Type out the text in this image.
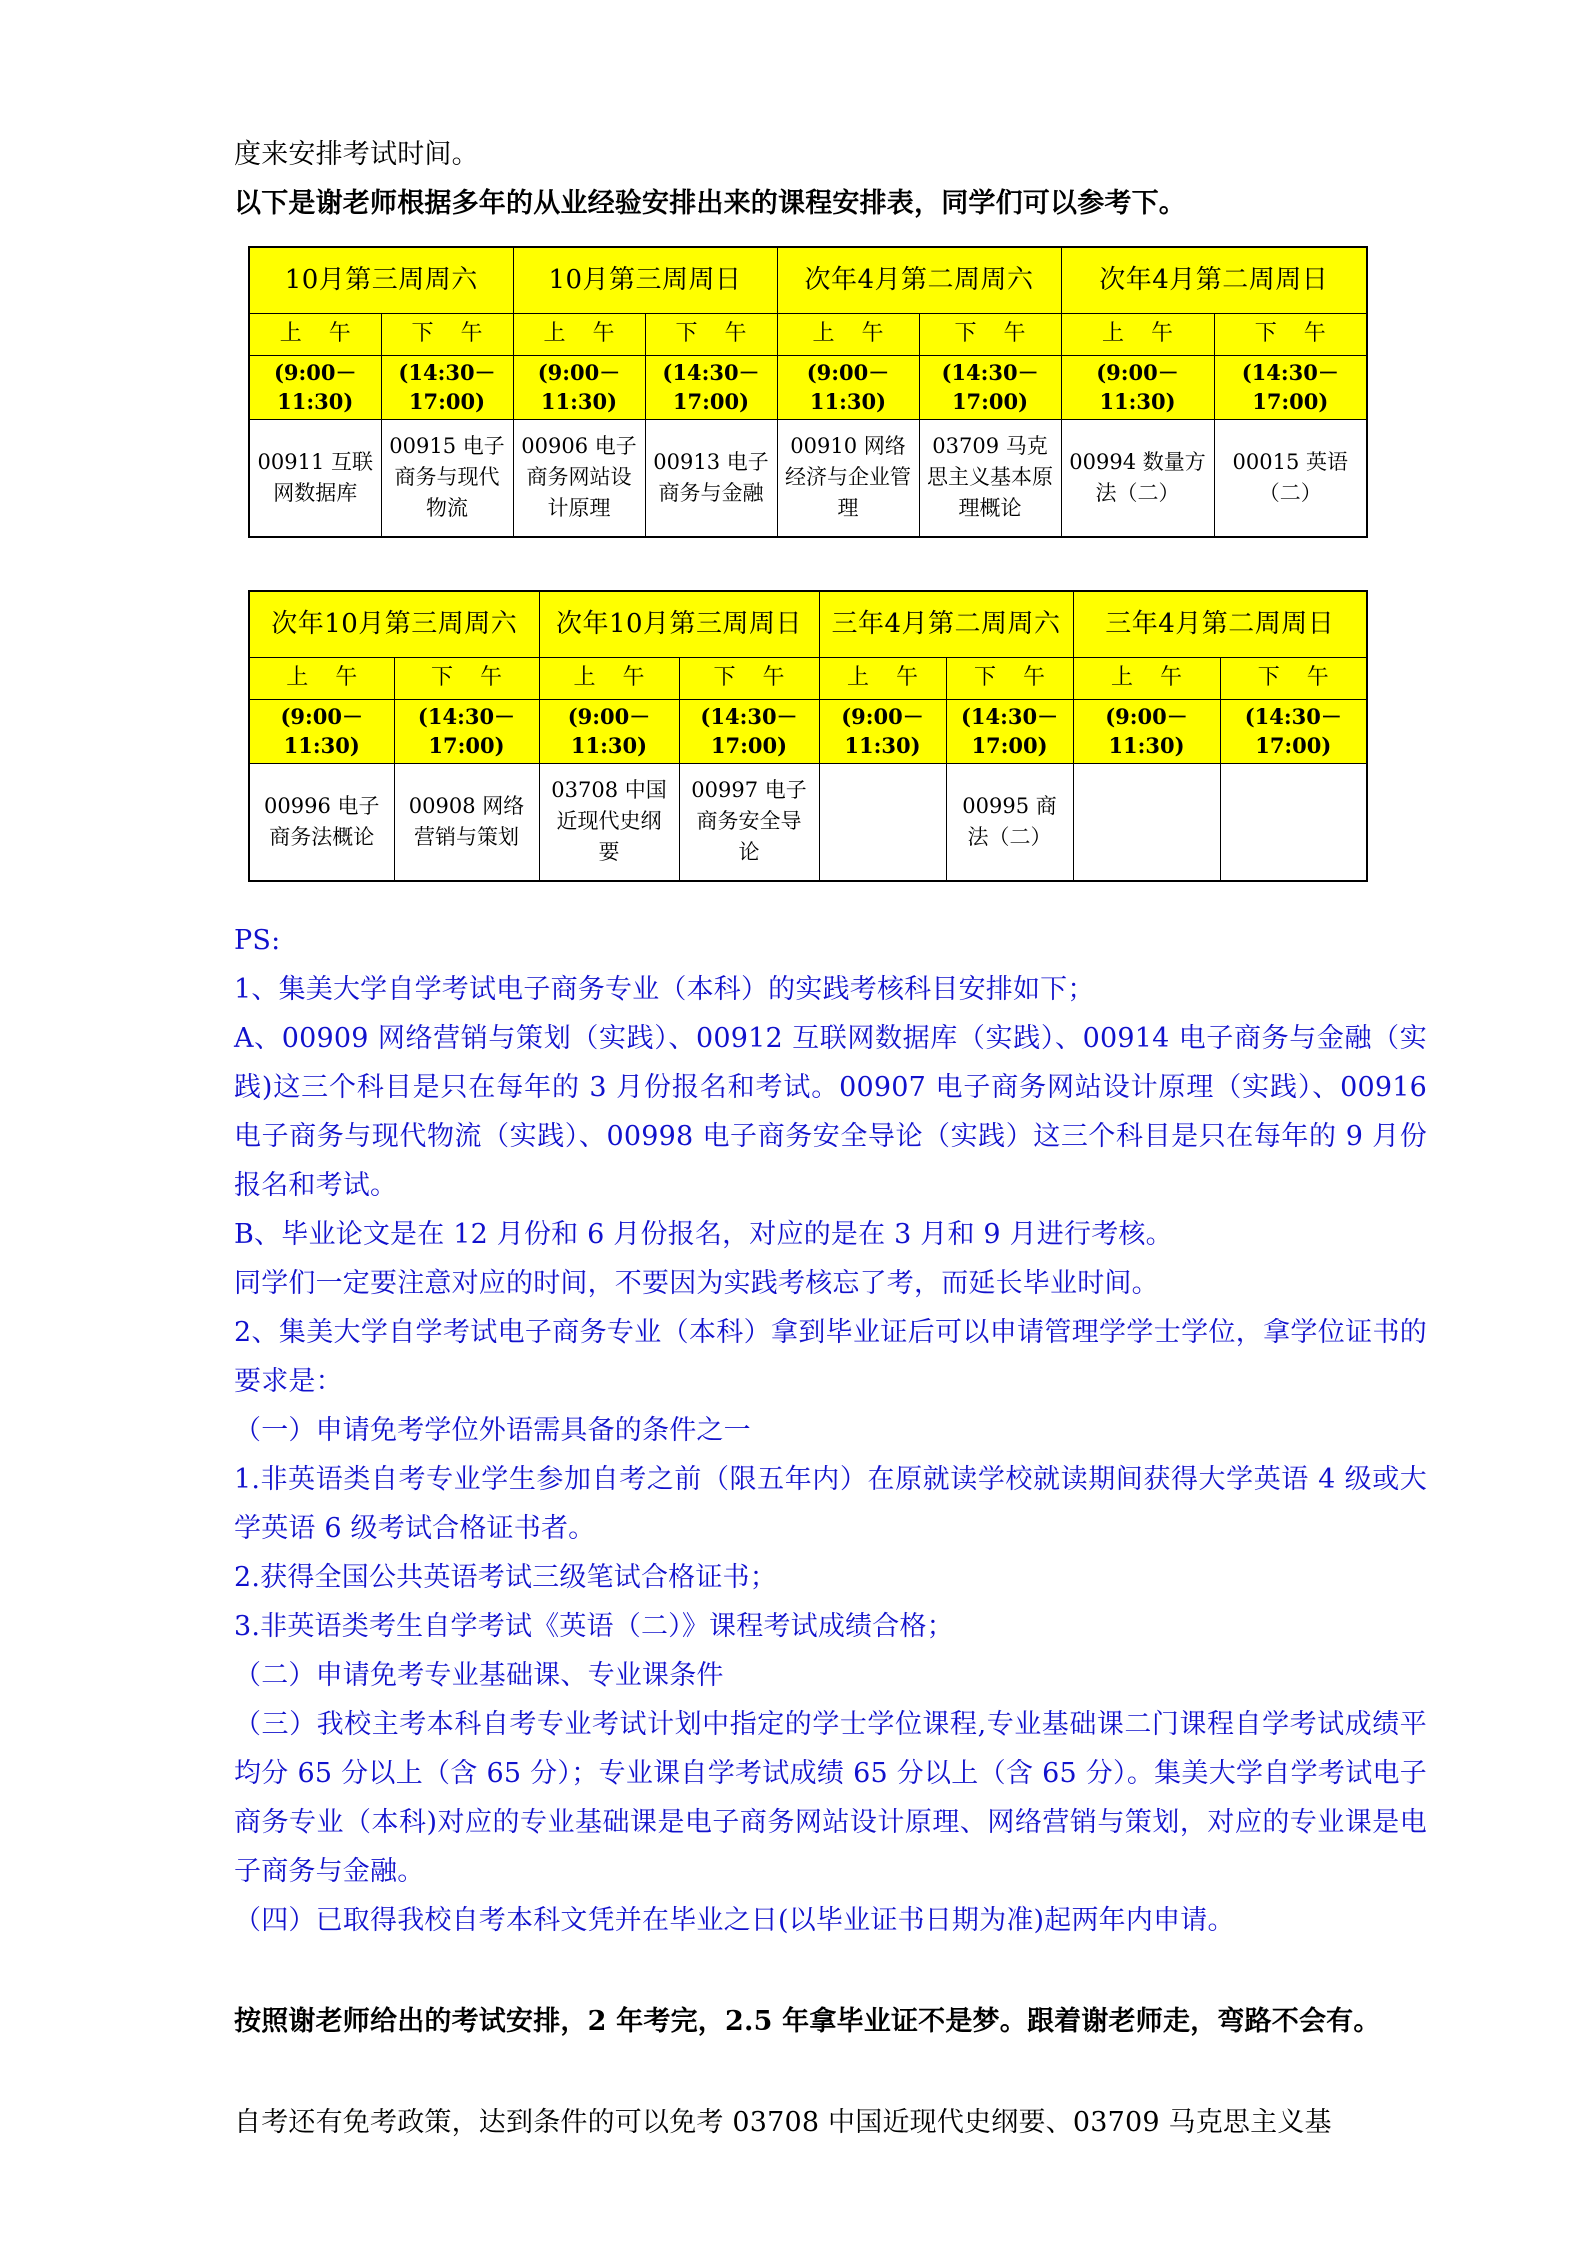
度来安排考试时间。

以下是谢老师根据多年的从业经验安排出来的课程安排表，同学们可以参考下。

10月第三周周六		10月第三周周日		次年4月第二周周六		次年4月第二周周日	
上 午	下 午	上 午	下 午	上 午	下 午	上 午	下 午
(9:00－11:30)	(14:30－17:00)	(9:00－11:30)	(14:30－17:00)	(9:00－11:30)	(14:30－17:00)	(9:00－11:30)	(14:30－17:00)
00911 互联网数据库	00915 电子商务与现代物流	00906 电子商务网站设计原理	00913 电子商务与金融	00910 网络经济与企业管理	03709 马克思主义基本原理概论	00994 数量方法（二）	00015 英语（二）
次年10月第三周周六		次年10月第三周周日		三年4月第二周周六		三年4月第二周周日	
上 午	下 午	上 午	下 午	上 午	下 午	上 午	下 午
(9:00－11:30)	(14:30－17:00)	(9:00－11:30)	(14:30－17:00)	(9:00－11:30)	(14:30－17:00)	(9:00－11:30)	(14:30－17:00)
00996 电子商务法概论	00908 网络营销与策划	03708 中国近现代史纲要	00997 电子商务安全导论		00995 商法（二）		

PS:

1、集美大学自学考试电子商务专业（本科）的实践考核科目安排如下；

A、00909 网络营销与策划（实践）、00912 互联网数据库（实践）、00914 电子商务与金融（实践)这三个科目是只在每年的 3 月份报名和考试。00907 电子商务网站设计原理（实践）、00916 电子商务与现代物流（实践）、00998 电子商务安全导论（实践）这三个科目是只在每年的 9 月份报名和考试。

B、毕业论文是在 12 月份和 6 月份报名，对应的是在 3 月和 9 月进行考核。

同学们一定要注意对应的时间，不要因为实践考核忘了考，而延长毕业时间。

2、集美大学自学考试电子商务专业（本科）拿到毕业证后可以申请管理学学士学位，拿学位证书的要求是：

（一）申请免考学位外语需具备的条件之一

1.非英语类自考专业学生参加自考之前（限五年内）在原就读学校就读期间获得大学英语 4 级或大学英语 6 级考试合格证书者。

2.获得全国公共英语考试三级笔试合格证书；

3.非英语类考生自学考试《英语（二）》课程考试成绩合格；

（二）申请免考专业基础课、专业课条件

（三）我校主考本科自考专业考试计划中指定的学士学位课程,专业基础课二门课程自学考试成绩平均分 65 分以上（含 65 分）；专业课自学考试成绩 65 分以上（含 65 分）。集美大学自学考试电子商务专业（本科)对应的专业基础课是电子商务网站设计原理、网络营销与策划，对应的专业课是电子商务与金融。

（四）已取得我校自考本科文凭并在毕业之日(以毕业证书日期为准)起两年内申请。

按照谢老师给出的考试安排，2 年考完，2.5 年拿毕业证不是梦。跟着谢老师走，弯路不会有。

自考还有免考政策，达到条件的可以免考 03708 中国近现代史纲要、03709 马克思主义基
